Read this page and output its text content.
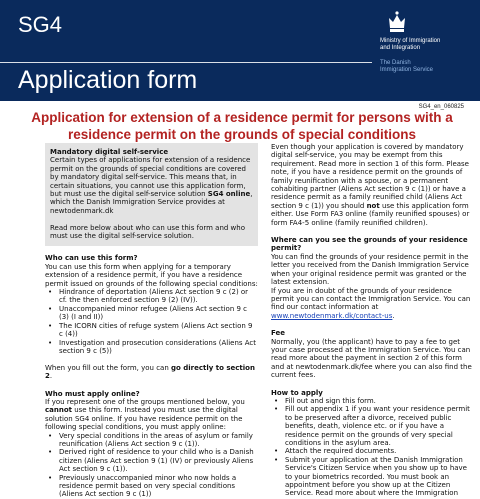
SG4
Application form
Ministry of Immigration
and Integration
The Danish
Immigration Service
SG4_en_060825
Application for extension of a residence permit for persons with a residence permit on the grounds of special conditions
Mandatory digital self-service
Certain types of applications for extension of a residence permit on the grounds of special conditions are covered by mandatory digital self-service. This means that, in certain situations, you cannot use this application form, but must use the digital self-service solution SG4 online, which the Danish Immigration Service provides at newtodenmark.dk
Read more below about who can use this form and who must use the digital self-service solution.
Who can use this form?
You can use this form when applying for a temporary extension of a residence permit, if you have a residence permit issued on grounds of the following special conditions:
• Hindrance of deportation (Aliens Act section 9 c (2) or cf. the then enforced section 9 (2) (IV)).
• Unaccompanied minor refugee (Aliens Act section 9 c (3) (I and II))
• The ICORN cities of refuge system (Aliens Act section 9 c (4))
• Investigation and prosecution considerations (Aliens Act section 9 c (5))
When you fill out the form, you can go directly to section 2.
Who must apply online?
If you represent one of the groups mentioned below, you cannot use this form. Instead you must use the digital solution SG4 online. If you have residence permit on the following special conditions, you must apply online:
• Very special conditions in the areas of asylum or family reunification (Aliens Act section 9 c (1)).
• Derived right of residence to your child who is a Danish citizen (Aliens Act section 9 (1) (IV) or previously Aliens Act section 9 c (1)).
• Previously unaccompanied minor who now holds a residence permit based on very special conditions (Aliens Act section 9 c (1))
Even though your application is covered by mandatory digital self-service, you may be exempt from this requirement. Read more in section 1 of this form. Please note, if you have a residence permit on the grounds of family reunification with a spouse, or a permanent cohabiting partner (Aliens Act section 9 c (1)) or have a residence permit as a family reunified child (Aliens Act section 9 c (1)) you should not use this application form either. Use Form FA3 online (family reunified spouses) or form FA4-5 online (family reunified children).
Where can you see the grounds of your residence permit?
You can find the grounds of your residence permit in the letter you received from the Danish Immigration Service when your original residence permit was granted or the latest extension.
If you are in doubt of the grounds of your residence permit you can contact the Immigration Service. You can find our contact information at
www.newtodenmark.dk/contact-us.
Fee
Normally, you (the applicant) have to pay a fee to get your case processed at the Immigration Service. You can read more about the payment in section 2 of this form and at newtodenmark.dk/fee where you can also find the current fees.
How to apply
• Fill out and sign this form.
• Fill out appendix 1 if you want your residence permit to be preserved after a divorce, received public benefits, death, violence etc. or if you have a residence permit on the grounds of very special conditions in the asylum area.
• Attach the required documents.
• Submit your application at the Danish Immigration Service's Citizen Service when you show up to have to your biometrics recorded. You must book an appointment before you show up at the Citizen Service. Read more about where the Immigration
